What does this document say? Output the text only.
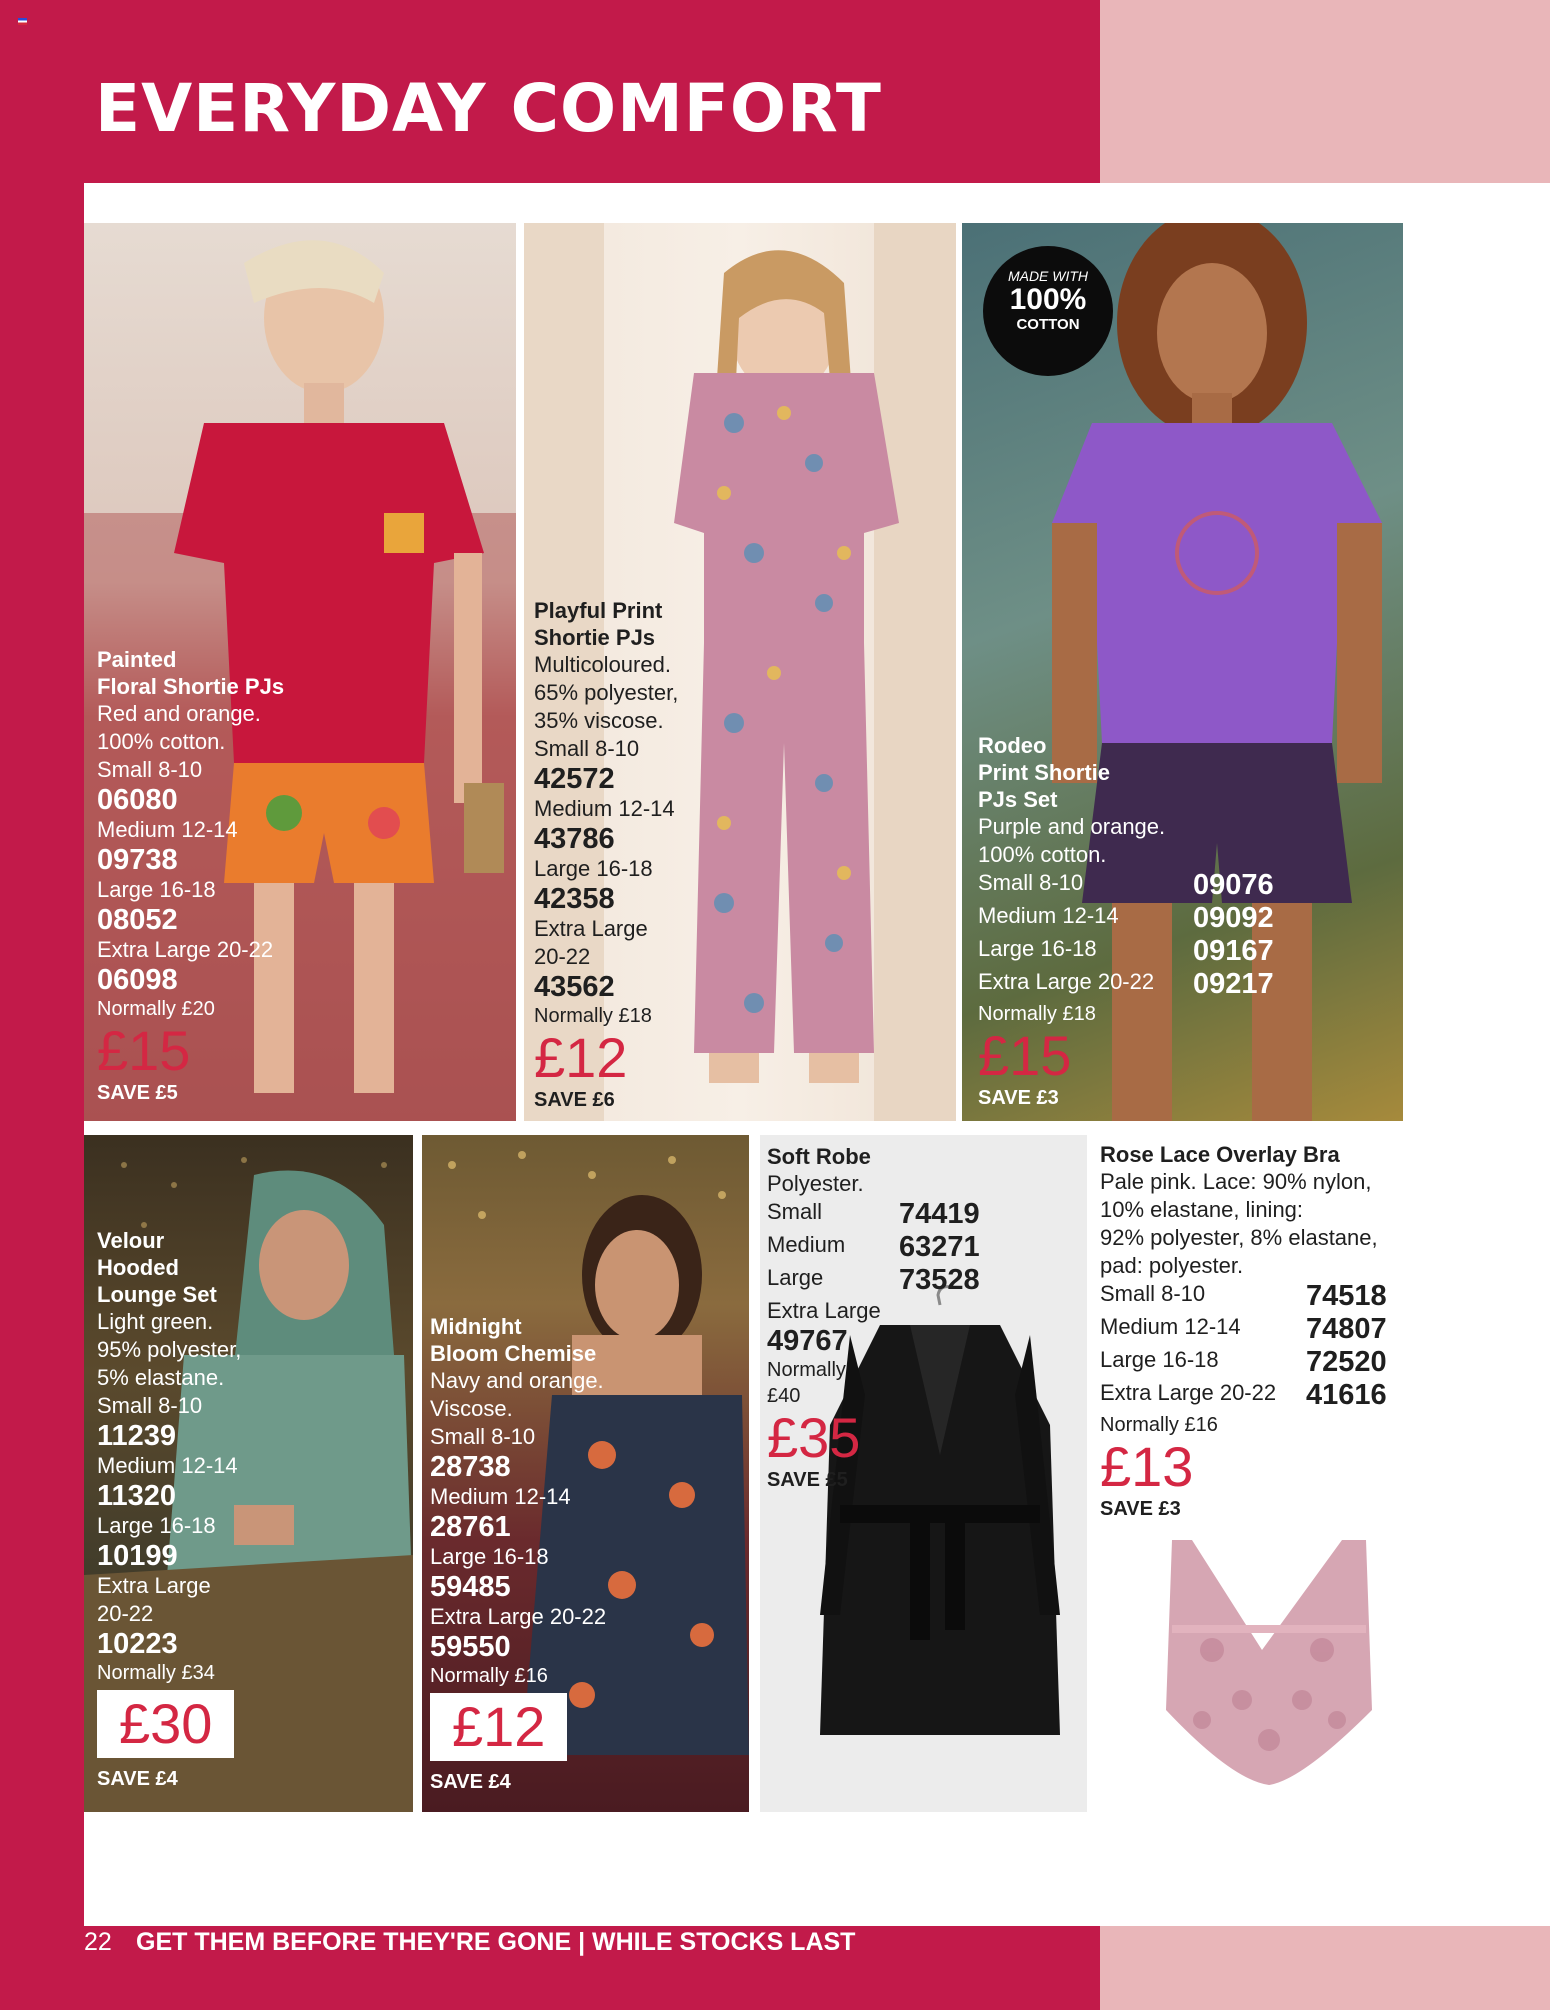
EVERYDAY COMFORT
MADE WITH
100%
COTTON
Painted
Floral Shortie PJs
Red and orange.
100% cotton.
Small 8-10
06080
Medium 12-14
09738
Large 16-18
08052
Extra Large 20-22
06098
Normally £20
£15
SAVE £5
Playful Print
Shortie PJs
Multicoloured.
65% polyester,
35% viscose.
Small 8-10
42572
Medium 12-14
43786
Large 16-18
42358
Extra Large
20-22
43562
Normally £18
£12
SAVE £6
Rodeo
Print Shortie
PJs Set
Purple and orange.
100% cotton.
Small 8-10	09076
Medium 12-14	09092
Large 16-18	09167
Extra Large 20-22	09217
Normally £18
£15
SAVE £3
Velour
Hooded
Lounge Set
Light green.
95% polyester,
5% elastane.
Small 8-10
11239
Medium 12-14
11320
Large 16-18
10199
Extra Large
20-22
10223
Normally £34
£30
SAVE £4
Midnight
Bloom Chemise
Navy and orange.
Viscose.
Small 8-10
28738
Medium 12-14
28761
Large 16-18
59485
Extra Large 20-22
59550
Normally £16
£12
SAVE £4
Soft Robe
Polyester.
Small	74419
Medium	63271
Large	73528
Extra Large
49767
Normally
£40
£35
SAVE £5
Rose Lace Overlay Bra
Pale pink. Lace: 90% nylon,
10% elastane, lining:
92% polyester, 8% elastane,
pad: polyester.
Small 8-10	74518
Medium 12-14	74807
Large 16-18	72520
Extra Large 20-22	41616
Normally £16
£13
SAVE £3
22 GET THEM BEFORE THEY'RE GONE | WHILE STOCKS LAST
